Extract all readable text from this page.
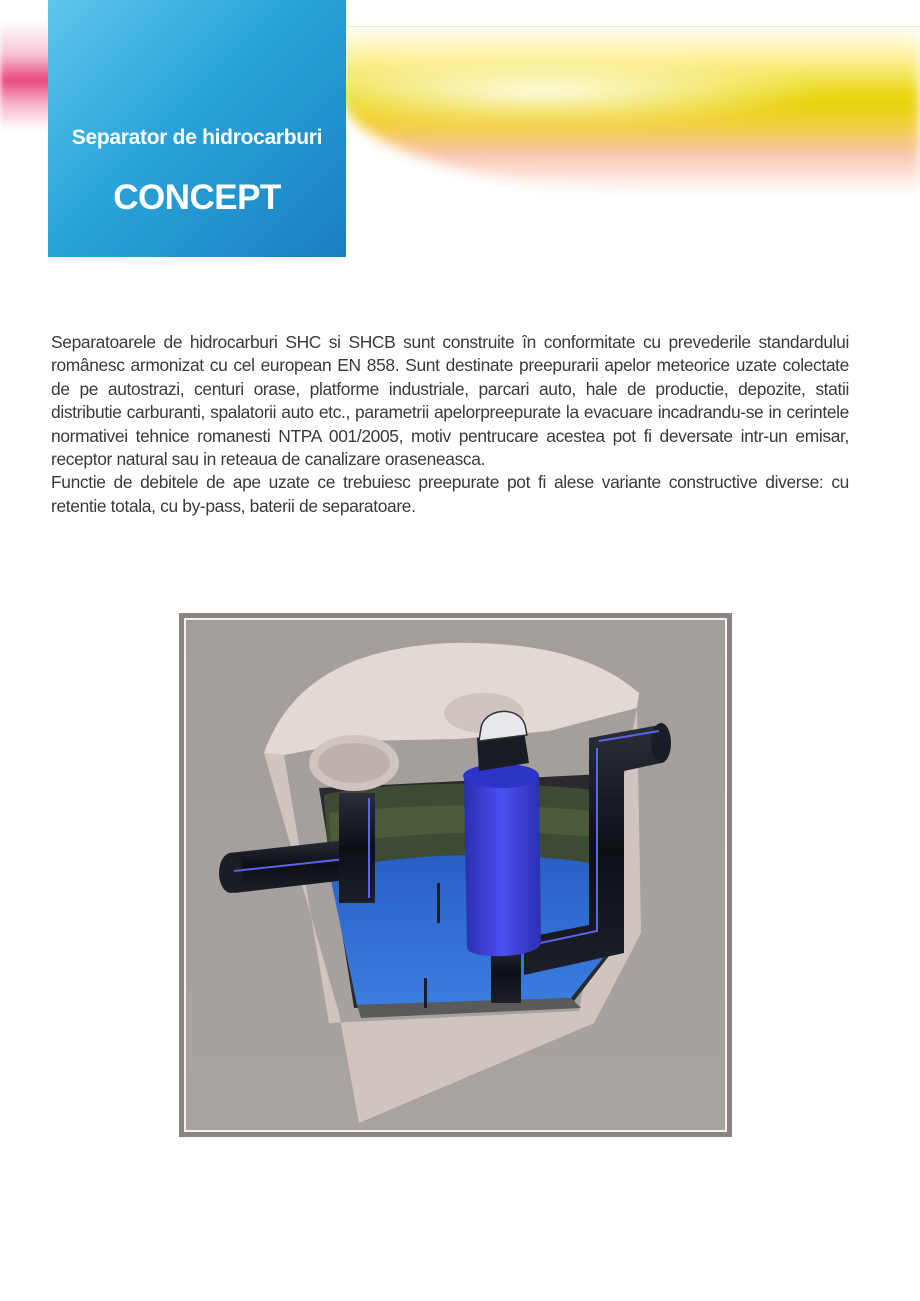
Separator de hidrocarburi
CONCEPT

Separatoarele de hidrocarburi SHC si SHCB sunt construite în conformitate cu prevederile standardului românesc armonizat cu cel european EN 858. Sunt destinate preepurarii apelor meteorice uzate colectate de pe autostrazi, centuri orase, platforme industriale, parcari auto, hale de productie, depozite, statii distributie carburanti, spalatorii auto etc., parametrii apelorpreepurate la evacuare incadrandu-se in cerintele normativei tehnice romanesti NTPA 001/2005, motiv pentrucare acestea pot fi deversate intr-un emisar, receptor natural sau in reteaua de canalizare oraseneasca.

Functie de debitele de ape uzate ce trebuiesc preepurate pot fi alese variante constructive diverse: cu retentie totala, cu by-pass, baterii de separatoare.
